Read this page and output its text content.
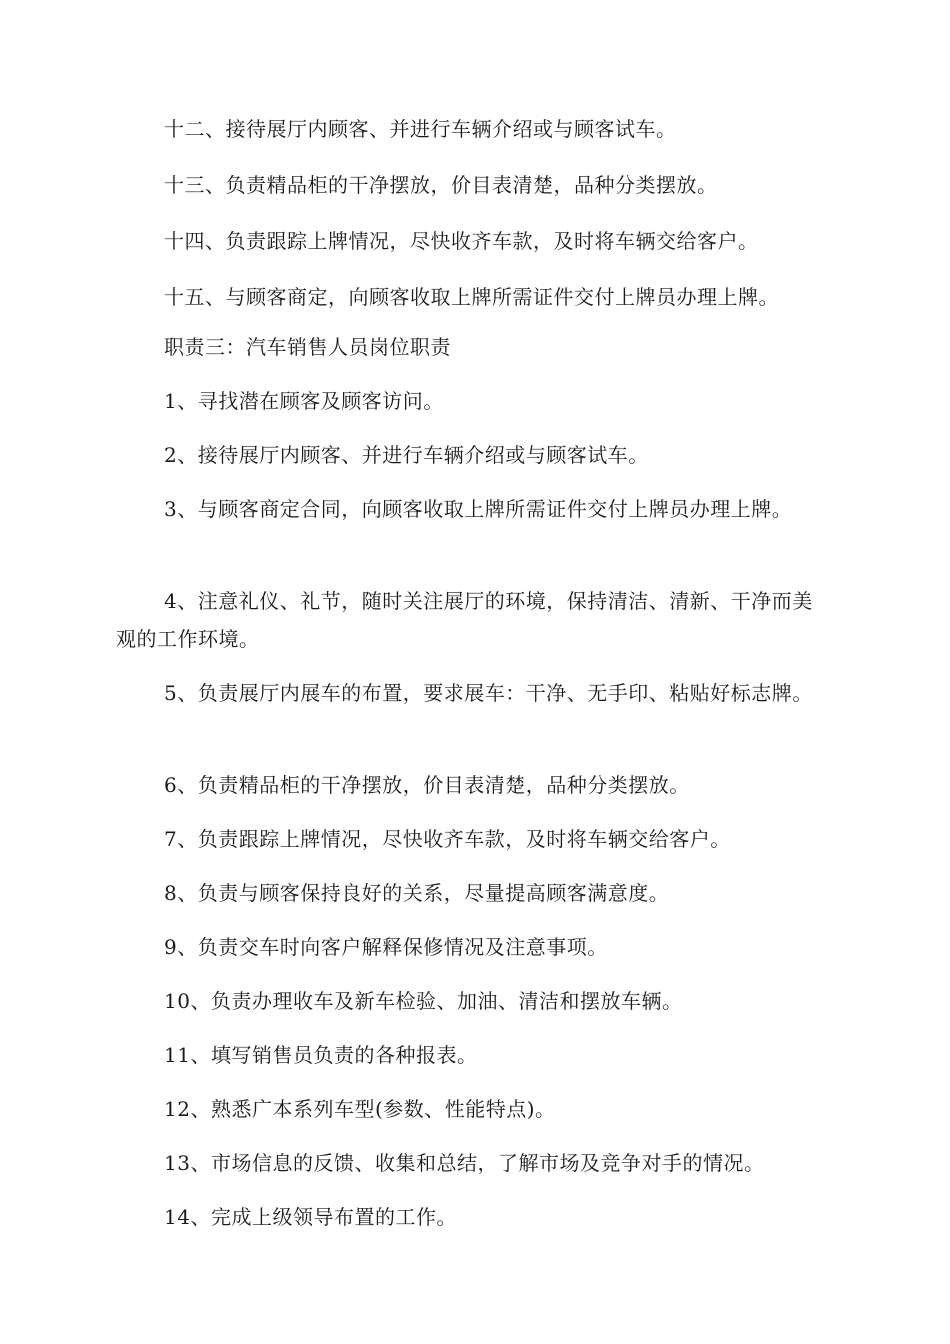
十二、接待展厅内顾客、并进行车辆介绍或与顾客试车。

十三、负责精品柜的干净摆放，价目表清楚，品种分类摆放。

十四、负责跟踪上牌情况，尽快收齐车款，及时将车辆交给客户。

十五、与顾客商定，向顾客收取上牌所需证件交付上牌员办理上牌。

职责三：汽车销售人员岗位职责

1、寻找潜在顾客及顾客访问。

2、接待展厅内顾客、并进行车辆介绍或与顾客试车。

3、与顾客商定合同，向顾客收取上牌所需证件交付上牌员办理上牌。

4、注意礼仪、礼节，随时关注展厅的环境，保持清洁、清新、干净而美观的工作环境。

5、负责展厅内展车的布置，要求展车：干净、无手印、粘贴好标志牌。

6、负责精品柜的干净摆放，价目表清楚，品种分类摆放。

7、负责跟踪上牌情况，尽快收齐车款，及时将车辆交给客户。

8、负责与顾客保持良好的关系，尽量提高顾客满意度。

9、负责交车时向客户解释保修情况及注意事项。

10、负责办理收车及新车检验、加油、清洁和摆放车辆。

11、填写销售员负责的各种报表。

12、熟悉广本系列车型(参数、性能特点)。

13、市场信息的反馈、收集和总结，了解市场及竞争对手的情况。

14、完成上级领导布置的工作。
